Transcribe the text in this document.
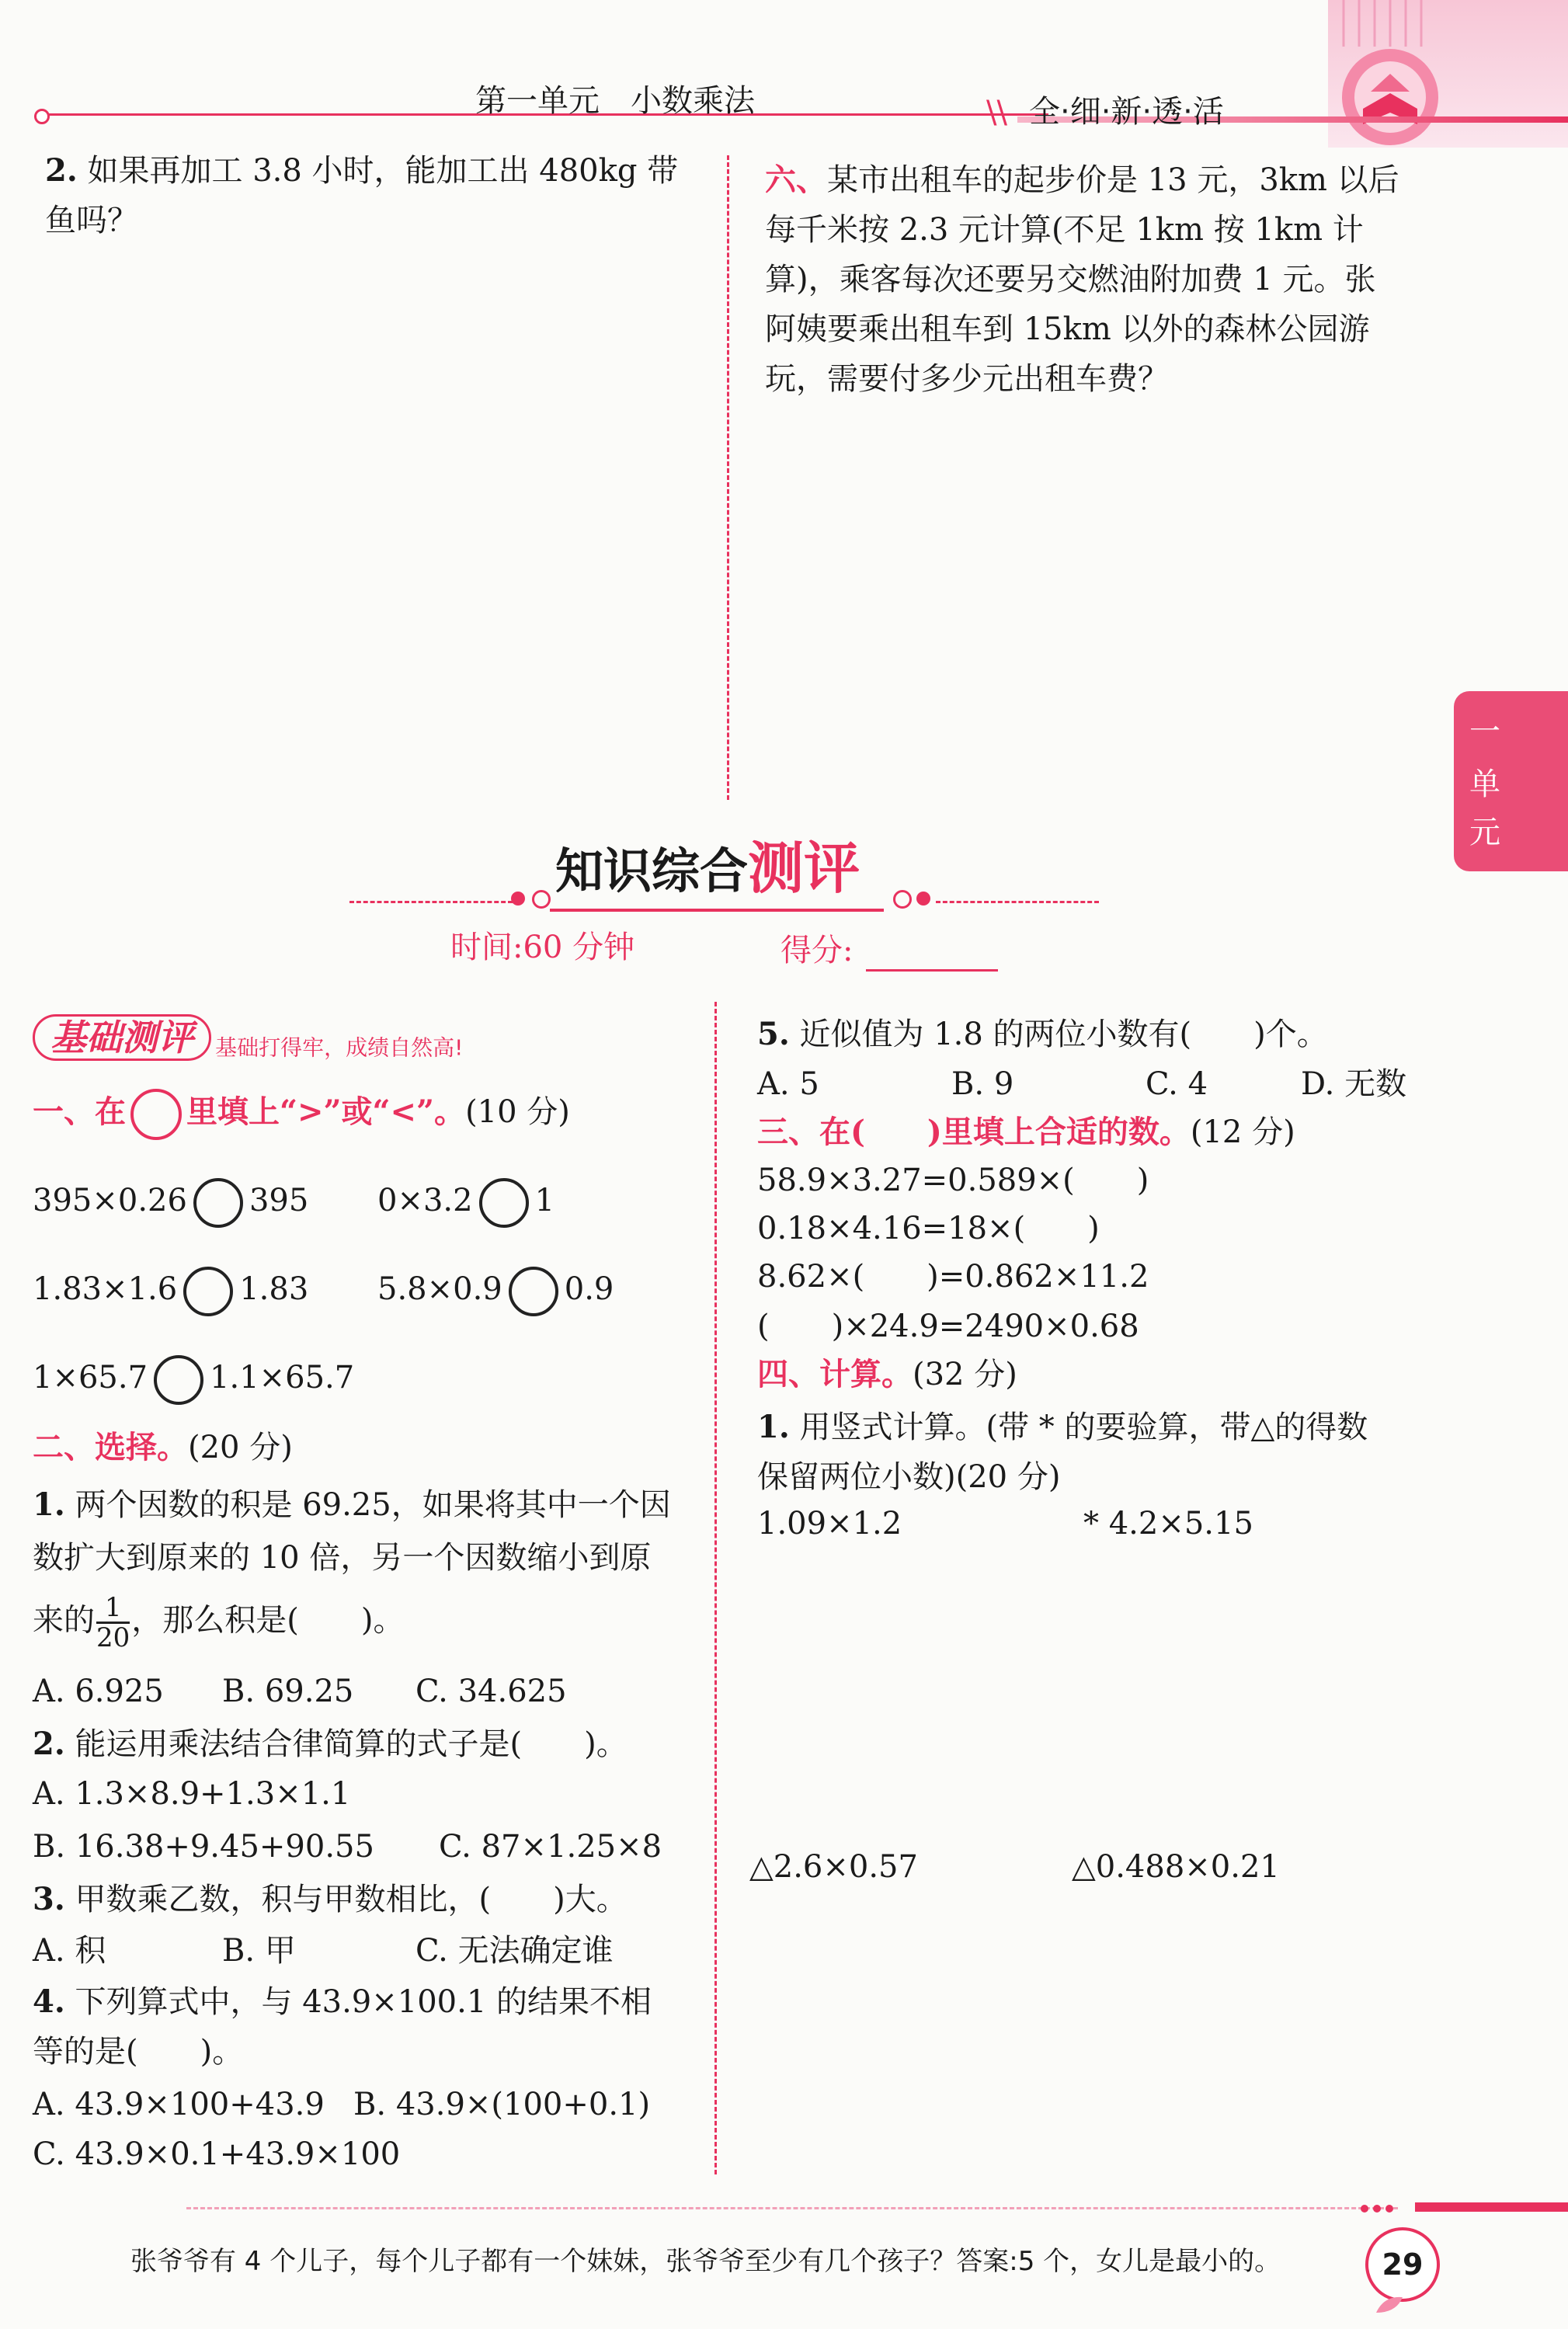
第一单元　小数乘法	\\ 全·细·新·透·活
一
单
元
2. 如果再加工 3.8 小时，能加工出 480kg 带
鱼吗？
六、某市出租车的起步价是 13 元，3km 以后
每千米按 2.3 元计算(不足 1km 按 1km 计
算)，乘客每次还要另交燃油附加费 1 元。张
阿姨要乘出租车到 15km 以外的森林公园游
玩，需要付多少元出租车费？
知识综合测评
时间:60 分钟	得分:
基础测评 基础打得牢，成绩自然高!
一、在 里填上“>”或“<”。(10 分)
395×0.26 395 0×3.2 1
1.83×1.6 1.83 5.8×0.9 0.9
1×65.7 1.1×65.7
二、选择。(20 分)
1. 两个因数的积是 69.25，如果将其中一个因
数扩大到原来的 10 倍，另一个因数缩小到原
来的 $\frac{1}{20}$ ，那么积是(　　)。
A. 6.925 B. 69.25 C. 34.625
2. 能运用乘法结合律简算的式子是(　　)。
A. 1.3×8.9+1.3×1.1
B. 16.38+9.45+90.55 C. 87×1.25×8
3. 甲数乘乙数，积与甲数相比，(　　)大。
A. 积	B. 甲	C. 无法确定谁
4. 下列算式中，与 43.9×100.1 的结果不相
等的是(　　)。
A. 43.9×100+43.9 B. 43.9×(100+0.1)
C. 43.9×0.1+43.9×100
5. 近似值为 1.8 的两位小数有(　　)个。
A. 5	B. 9	C. 4	D. 无数
三、在(　　)里填上合适的数。(12 分)
58.9×3.27=0.589×(　　)
0.18×4.16=18×(　　)
8.62×(　　)=0.862×11.2
(　　)×24.9=2490×0.68
四、计算。(32 分)
1. 用竖式计算。(带 * 的要验算，带△的得数
保留两位小数)(20 分)
1.09×1.2	* 4.2×5.15
△2.6×0.57	△0.488×0.21
张爷爷有 4 个儿子，每个儿子都有一个妹妹，张爷爷至少有几个孩子？答案:5 个，女儿是最小的。	29
